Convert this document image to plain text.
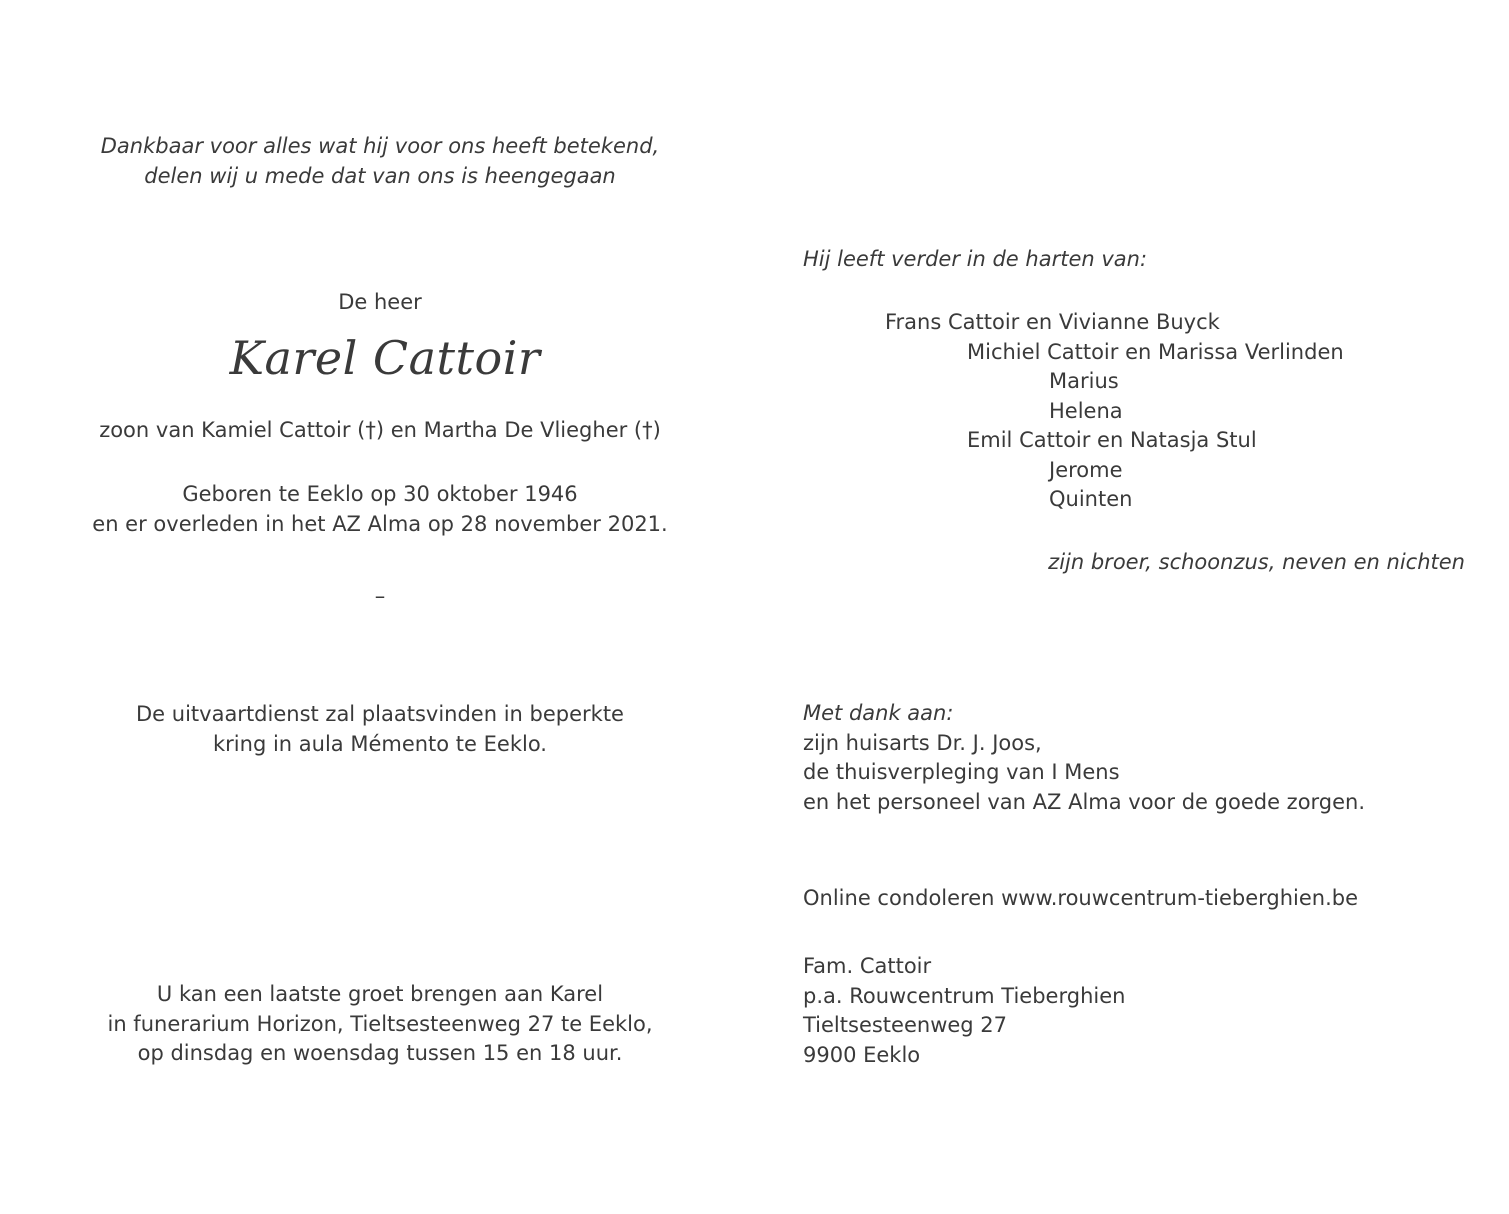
Dankbaar voor alles wat hij voor ons heeft betekend,
delen wij u mede dat van ons is heengegaan
De heer
Karel Cattoir
zoon van Kamiel Cattoir (†) en Martha De Vliegher (†)
Geboren te Eeklo op 30 oktober 1946
en er overleden in het AZ Alma op 28 november 2021.
–
De uitvaartdienst zal plaatsvinden in beperkte
kring in aula Mémento te Eeklo.
U kan een laatste groet brengen aan Karel
in funerarium Horizon, Tieltsesteenweg 27 te Eeklo,
op dinsdag en woensdag tussen 15 en 18 uur.
Hij leeft verder in de harten van:
Frans Cattoir en Vivianne Buyck
Michiel Cattoir en Marissa Verlinden
Marius
Helena
Emil Cattoir en Natasja Stul
Jerome
Quinten
zijn broer, schoonzus, neven en nichten
Met dank aan:
zijn huisarts Dr. J. Joos,
de thuisverpleging van I Mens
en het personeel van AZ Alma voor de goede zorgen.
Online condoleren www.rouwcentrum-tieberghien.be
Fam. Cattoir
p.a. Rouwcentrum Tieberghien
Tieltsesteenweg 27
9900 Eeklo
